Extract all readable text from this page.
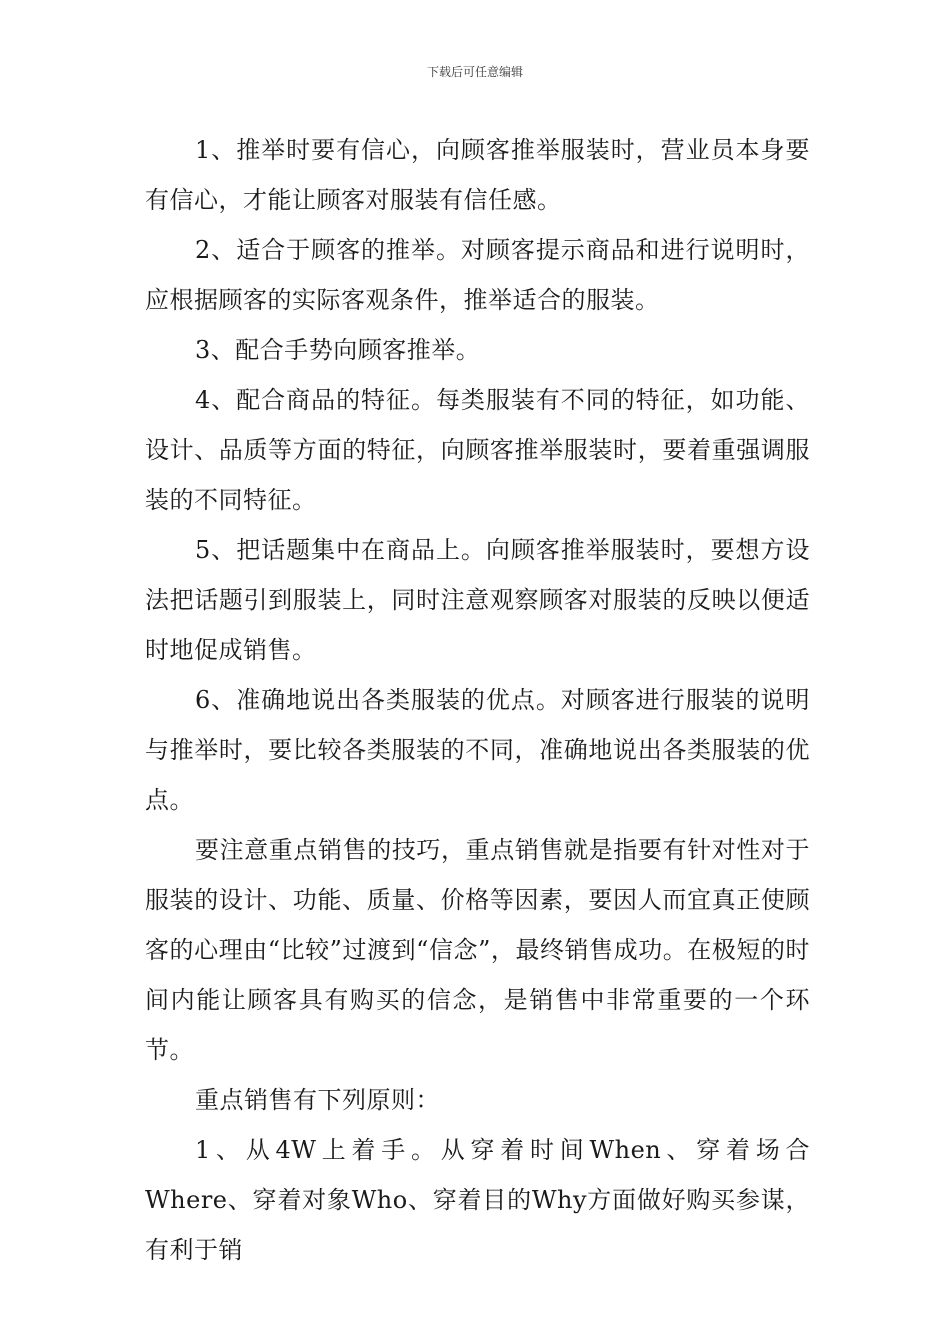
下载后可任意编辑

1、推举时要有信心，向顾客推举服装时，营业员本身要有信心，才能让顾客对服装有信任感。

2、适合于顾客的推举。对顾客提示商品和进行说明时，应根据顾客的实际客观条件，推举适合的服装。

3、配合手势向顾客推举。

4、配合商品的特征。每类服装有不同的特征，如功能、设计、品质等方面的特征，向顾客推举服装时，要着重强调服装的不同特征。

5、把话题集中在商品上。向顾客推举服装时，要想方设法把话题引到服装上，同时注意观察顾客对服装的反映以便适时地促成销售。

6、准确地说出各类服装的优点。对顾客进行服装的说明与推举时，要比较各类服装的不同，准确地说出各类服装的优点。

要注意重点销售的技巧，重点销售就是指要有针对性对于服装的设计、功能、质量、价格等因素，要因人而宜真正使顾客的心理由“比较”过渡到“信念”，最终销售成功。在极短的时间内能让顾客具有购买的信念，是销售中非常重要的一个环节。

重点销售有下列原则：

1、从4W上着手。从穿着时间When、穿着场合Where、穿着对象Who、穿着目的Why方面做好购买参谋，有利于销
